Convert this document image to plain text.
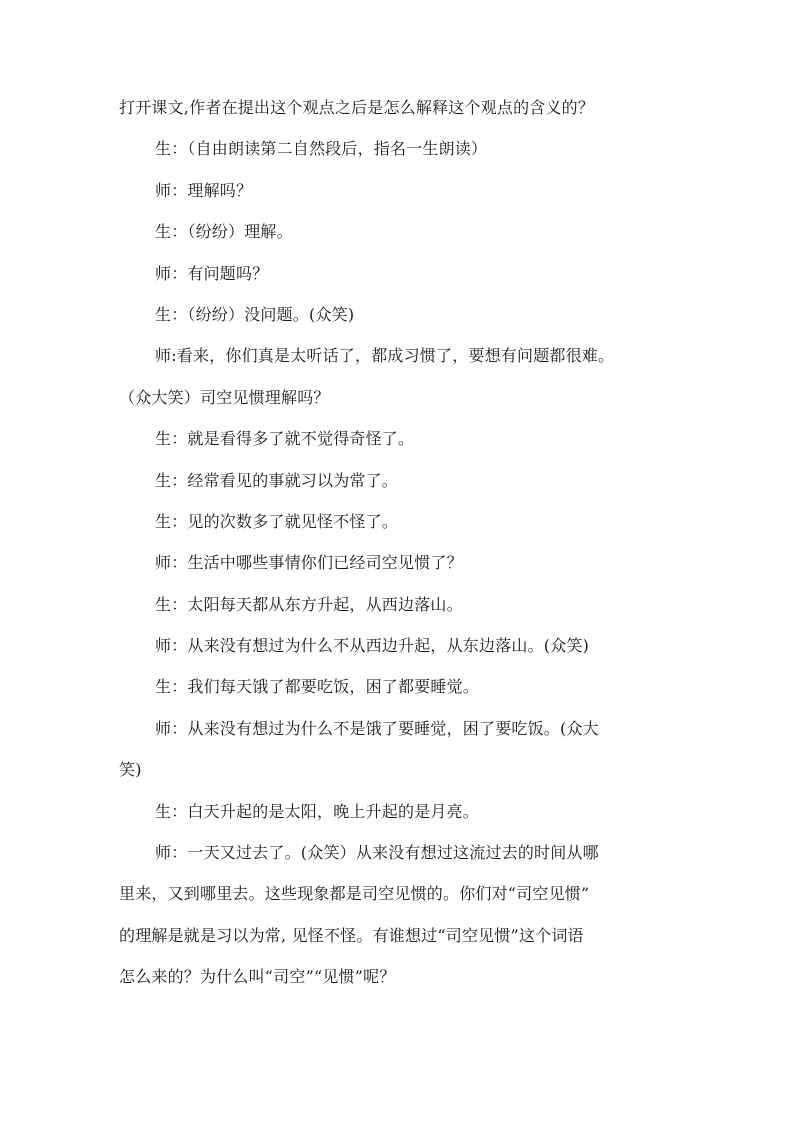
打开课文,作者在提出这个观点之后是怎么解释这个观点的含义的？
生：（自由朗读第二自然段后，指名一生朗读）
师：理解吗？
生：（纷纷）理解。
师：有问题吗？
生：（纷纷）没问题。(众笑)
师:看来，你们真是太听话了，都成习惯了，要想有问题都很难。
（众大笑）司空见惯理解吗？
生：就是看得多了就不觉得奇怪了。
生：经常看见的事就习以为常了。
生：见的次数多了就见怪不怪了。
师：生活中哪些事情你们已经司空见惯了？
生：太阳每天都从东方升起，从西边落山。
师：从来没有想过为什么不从西边升起，从东边落山。(众笑)
生：我们每天饿了都要吃饭，困了都要睡觉。
师：从来没有想过为什么不是饿了要睡觉，困了要吃饭。(众大
笑)
生：白天升起的是太阳，晚上升起的是月亮。
师：一天又过去了。(众笑）从来没有想过这流过去的时间从哪
里来，又到哪里去。这些现象都是司空见惯的。你们对“司空见惯”
的理解是就是习以为常, 见怪不怪。有谁想过“司空见惯”这个词语
怎么来的？为什么叫“司空”“见惯”呢？
